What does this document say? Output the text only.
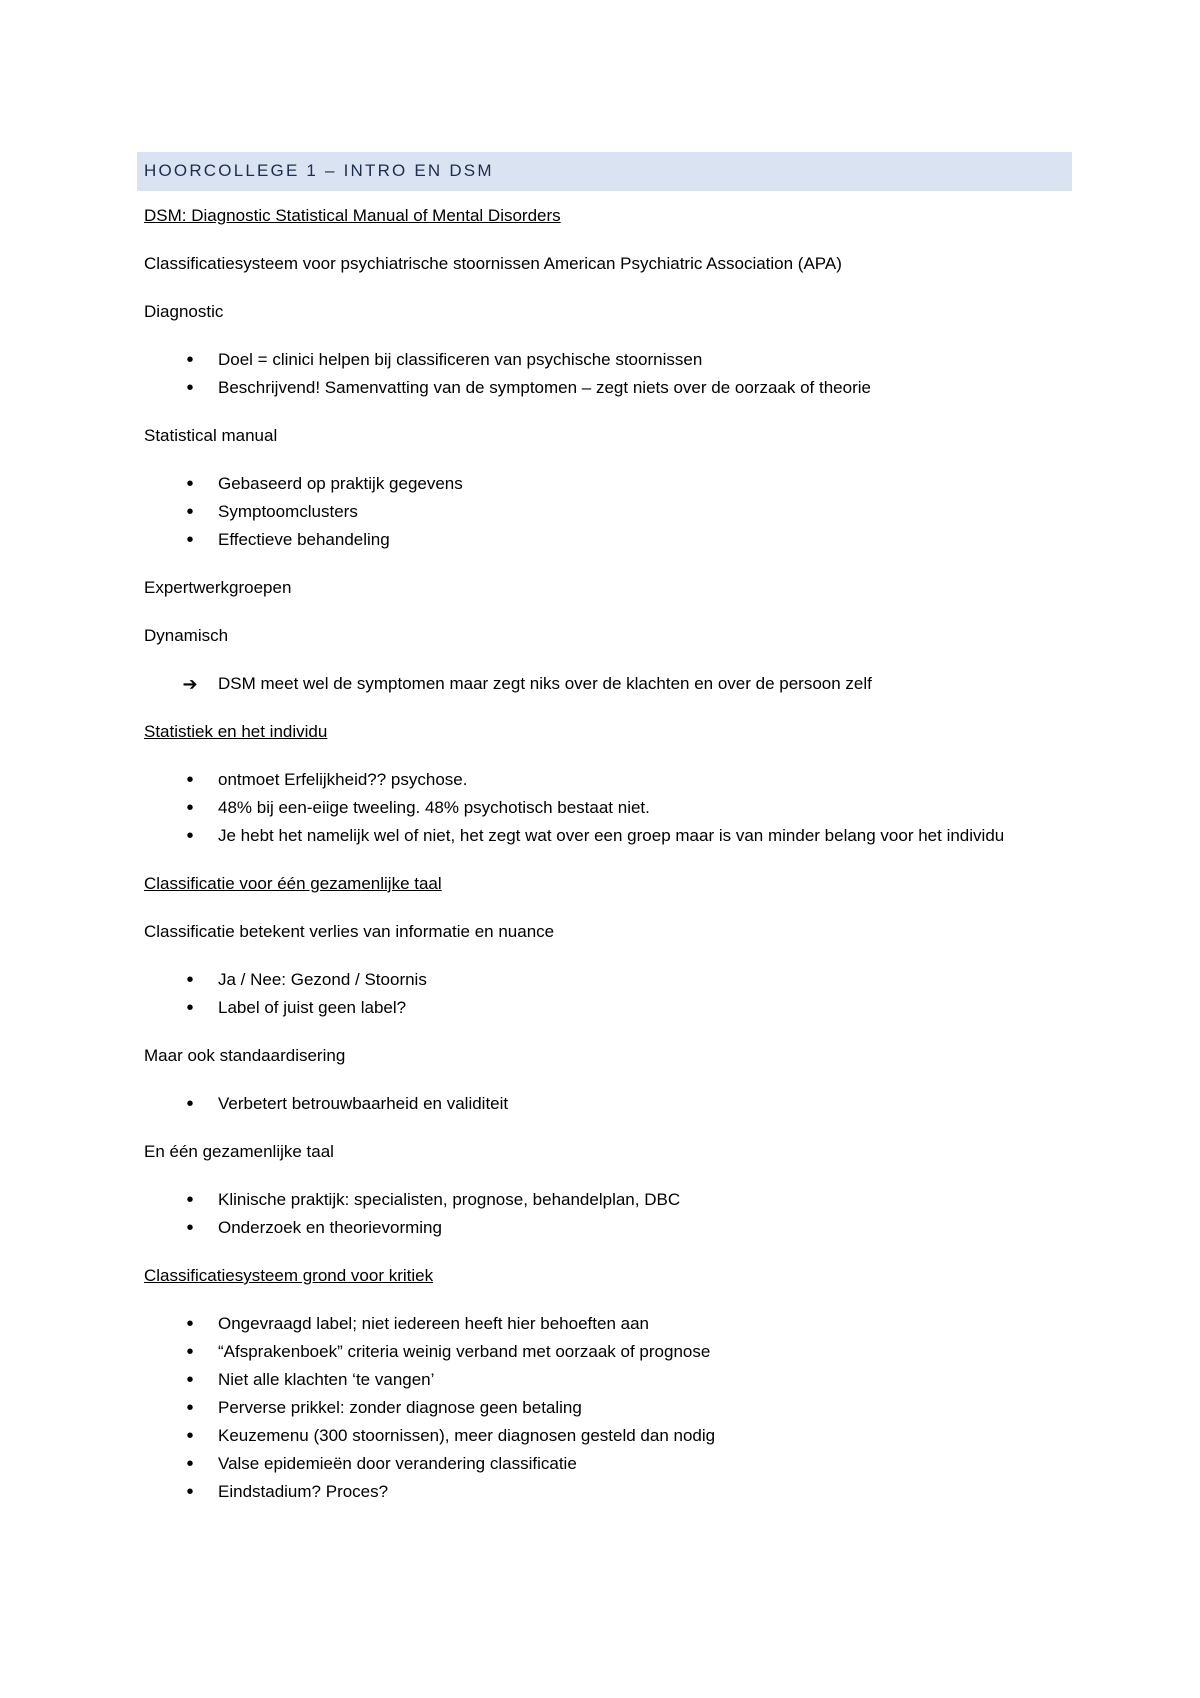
HOORCOLLEGE 1 – INTRO EN DSM

DSM: Diagnostic Statistical Manual of Mental Disorders

Classificatiesysteem voor psychiatrische stoornissen American Psychiatric Association (APA)

Diagnostic

•	Doel = clinici helpen bij classificeren van psychische stoornissen
•	Beschrijvend! Samenvatting van de symptomen – zegt niets over de oorzaak of theorie

Statistical manual

•	Gebaseerd op praktijk gegevens
•	Symptoomclusters
•	Effectieve behandeling

Expertwerkgroepen

Dynamisch

➔ DSM meet wel de symptomen maar zegt niks over de klachten en over de persoon zelf

Statistiek en het individu

•	ontmoet Erfelijkheid?? psychose.
•	48% bij een-eiige tweeling. 48% psychotisch bestaat niet.
•	Je hebt het namelijk wel of niet, het zegt wat over een groep maar is van minder belang voor het individu

Classificatie voor één gezamenlijke taal

Classificatie betekent verlies van informatie en nuance

•	Ja / Nee: Gezond / Stoornis
•	Label of juist geen label?

Maar ook standaardisering

•	Verbetert betrouwbaarheid en validiteit

En één gezamenlijke taal

•	Klinische praktijk: specialisten, prognose, behandelplan, DBC
•	Onderzoek en theorievorming

Classificatiesysteem grond voor kritiek

•	Ongevraagd label; niet iedereen heeft hier behoeften aan
•	“Afsprakenboek” criteria weinig verband met oorzaak of prognose
•	Niet alle klachten ‘te vangen’
•	Perverse prikkel: zonder diagnose geen betaling
•	Keuzemenu (300 stoornissen), meer diagnosen gesteld dan nodig
•	Valse epidemieën door verandering classificatie
•	Eindstadium? Proces?
